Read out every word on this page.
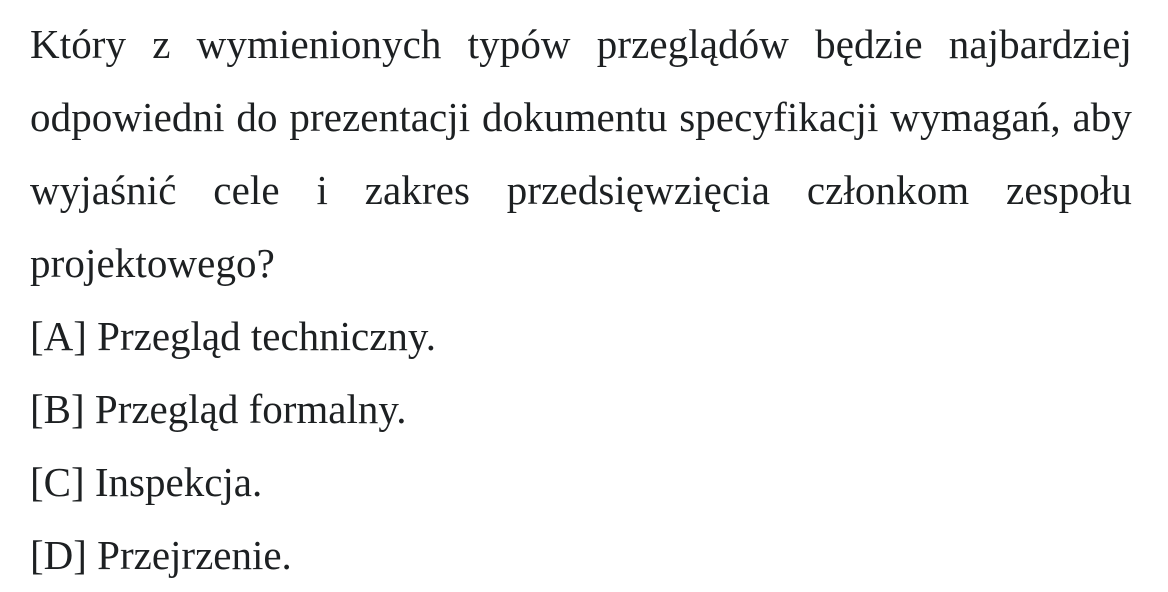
Który z wymienionych typów przeglądów będzie najbardziej odpowiedni do prezentacji dokumentu specyfikacji wymagań, aby wyjaśnić cele i zakres przedsięwzięcia członkom zespołu projektowego?

[A] Przegląd techniczny.
[B] Przegląd formalny.
[C] Inspekcja.
[D] Przejrzenie.
